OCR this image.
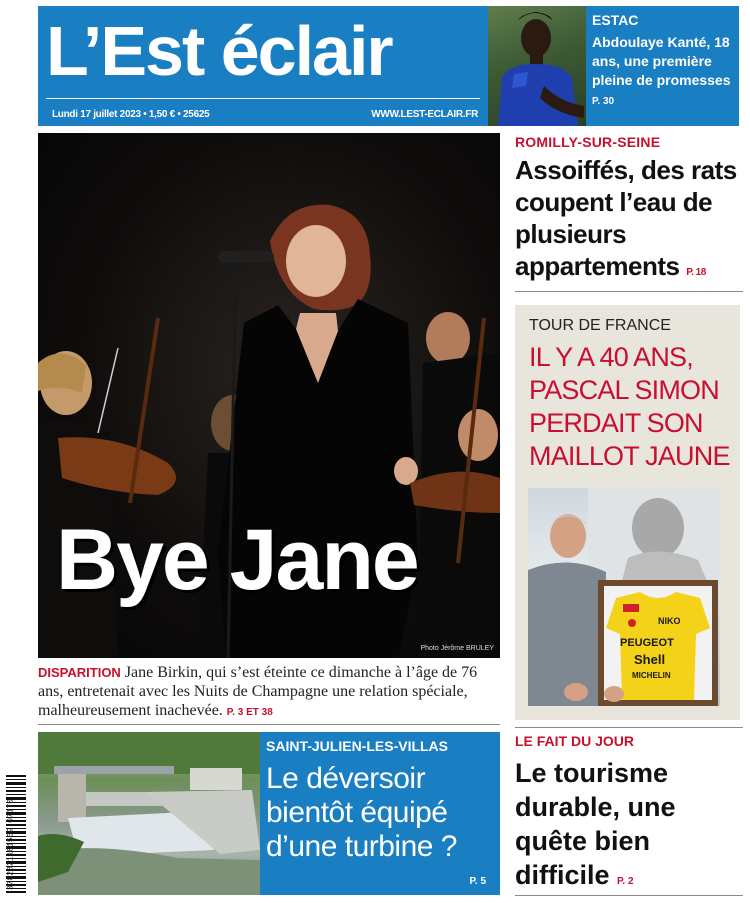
L’Est éclair
Lundi 17 juillet 2023 • 1,50 € • 25625	WWW.LEST-ECLAIR.FR
ESTAC
Abdoulaye Kanté, 18 ans, une première pleine de promesses P. 30
Bye Jane
Photo Jérôme BRULEY
DISPARITION Jane Birkin, qui s’est éteinte ce dimanche à l’âge de 76 ans, entretenait avec les Nuits de Champagne une relation spéciale, malheureusement inachevée. P. 3 ET 38
ROMILLY-SUR-SEINE
Assoiffés, des rats coupent l’eau de plusieurs appartements P. 18
TOUR DE FRANCE
IL Y A 40 ANS, PASCAL SIMON PERDAIT SON MAILLOT JAUNE
NIKO
PEUGEOT
Shell
MICHELIN
3782821101509 07170
SAINT-JULIEN-LES-VILLAS
Le déversoir bientôt équipé d’une turbine ?
P. 5
LE FAIT DU JOUR
Le tourisme durable, une quête bien difficile P. 2
